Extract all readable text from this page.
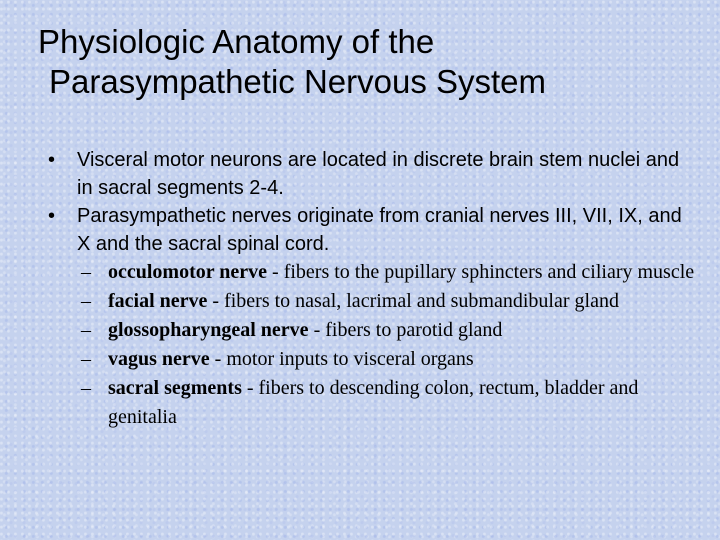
Physiologic Anatomy of the
Parasympathetic Nervous System
• Visceral motor neurons are located in discrete brain stem nuclei and in sacral segments 2-4.
• Parasympathetic nerves originate from cranial nerves III, VII, IX, and X and the sacral spinal cord.
– occulomotor nerve - fibers to the pupillary sphincters and ciliary muscle
– facial nerve - fibers to nasal, lacrimal and submandibular gland
– glossopharyngeal nerve - fibers to parotid gland
– vagus nerve - motor inputs to visceral organs
– sacral segments - fibers to descending colon, rectum, bladder and genitalia
